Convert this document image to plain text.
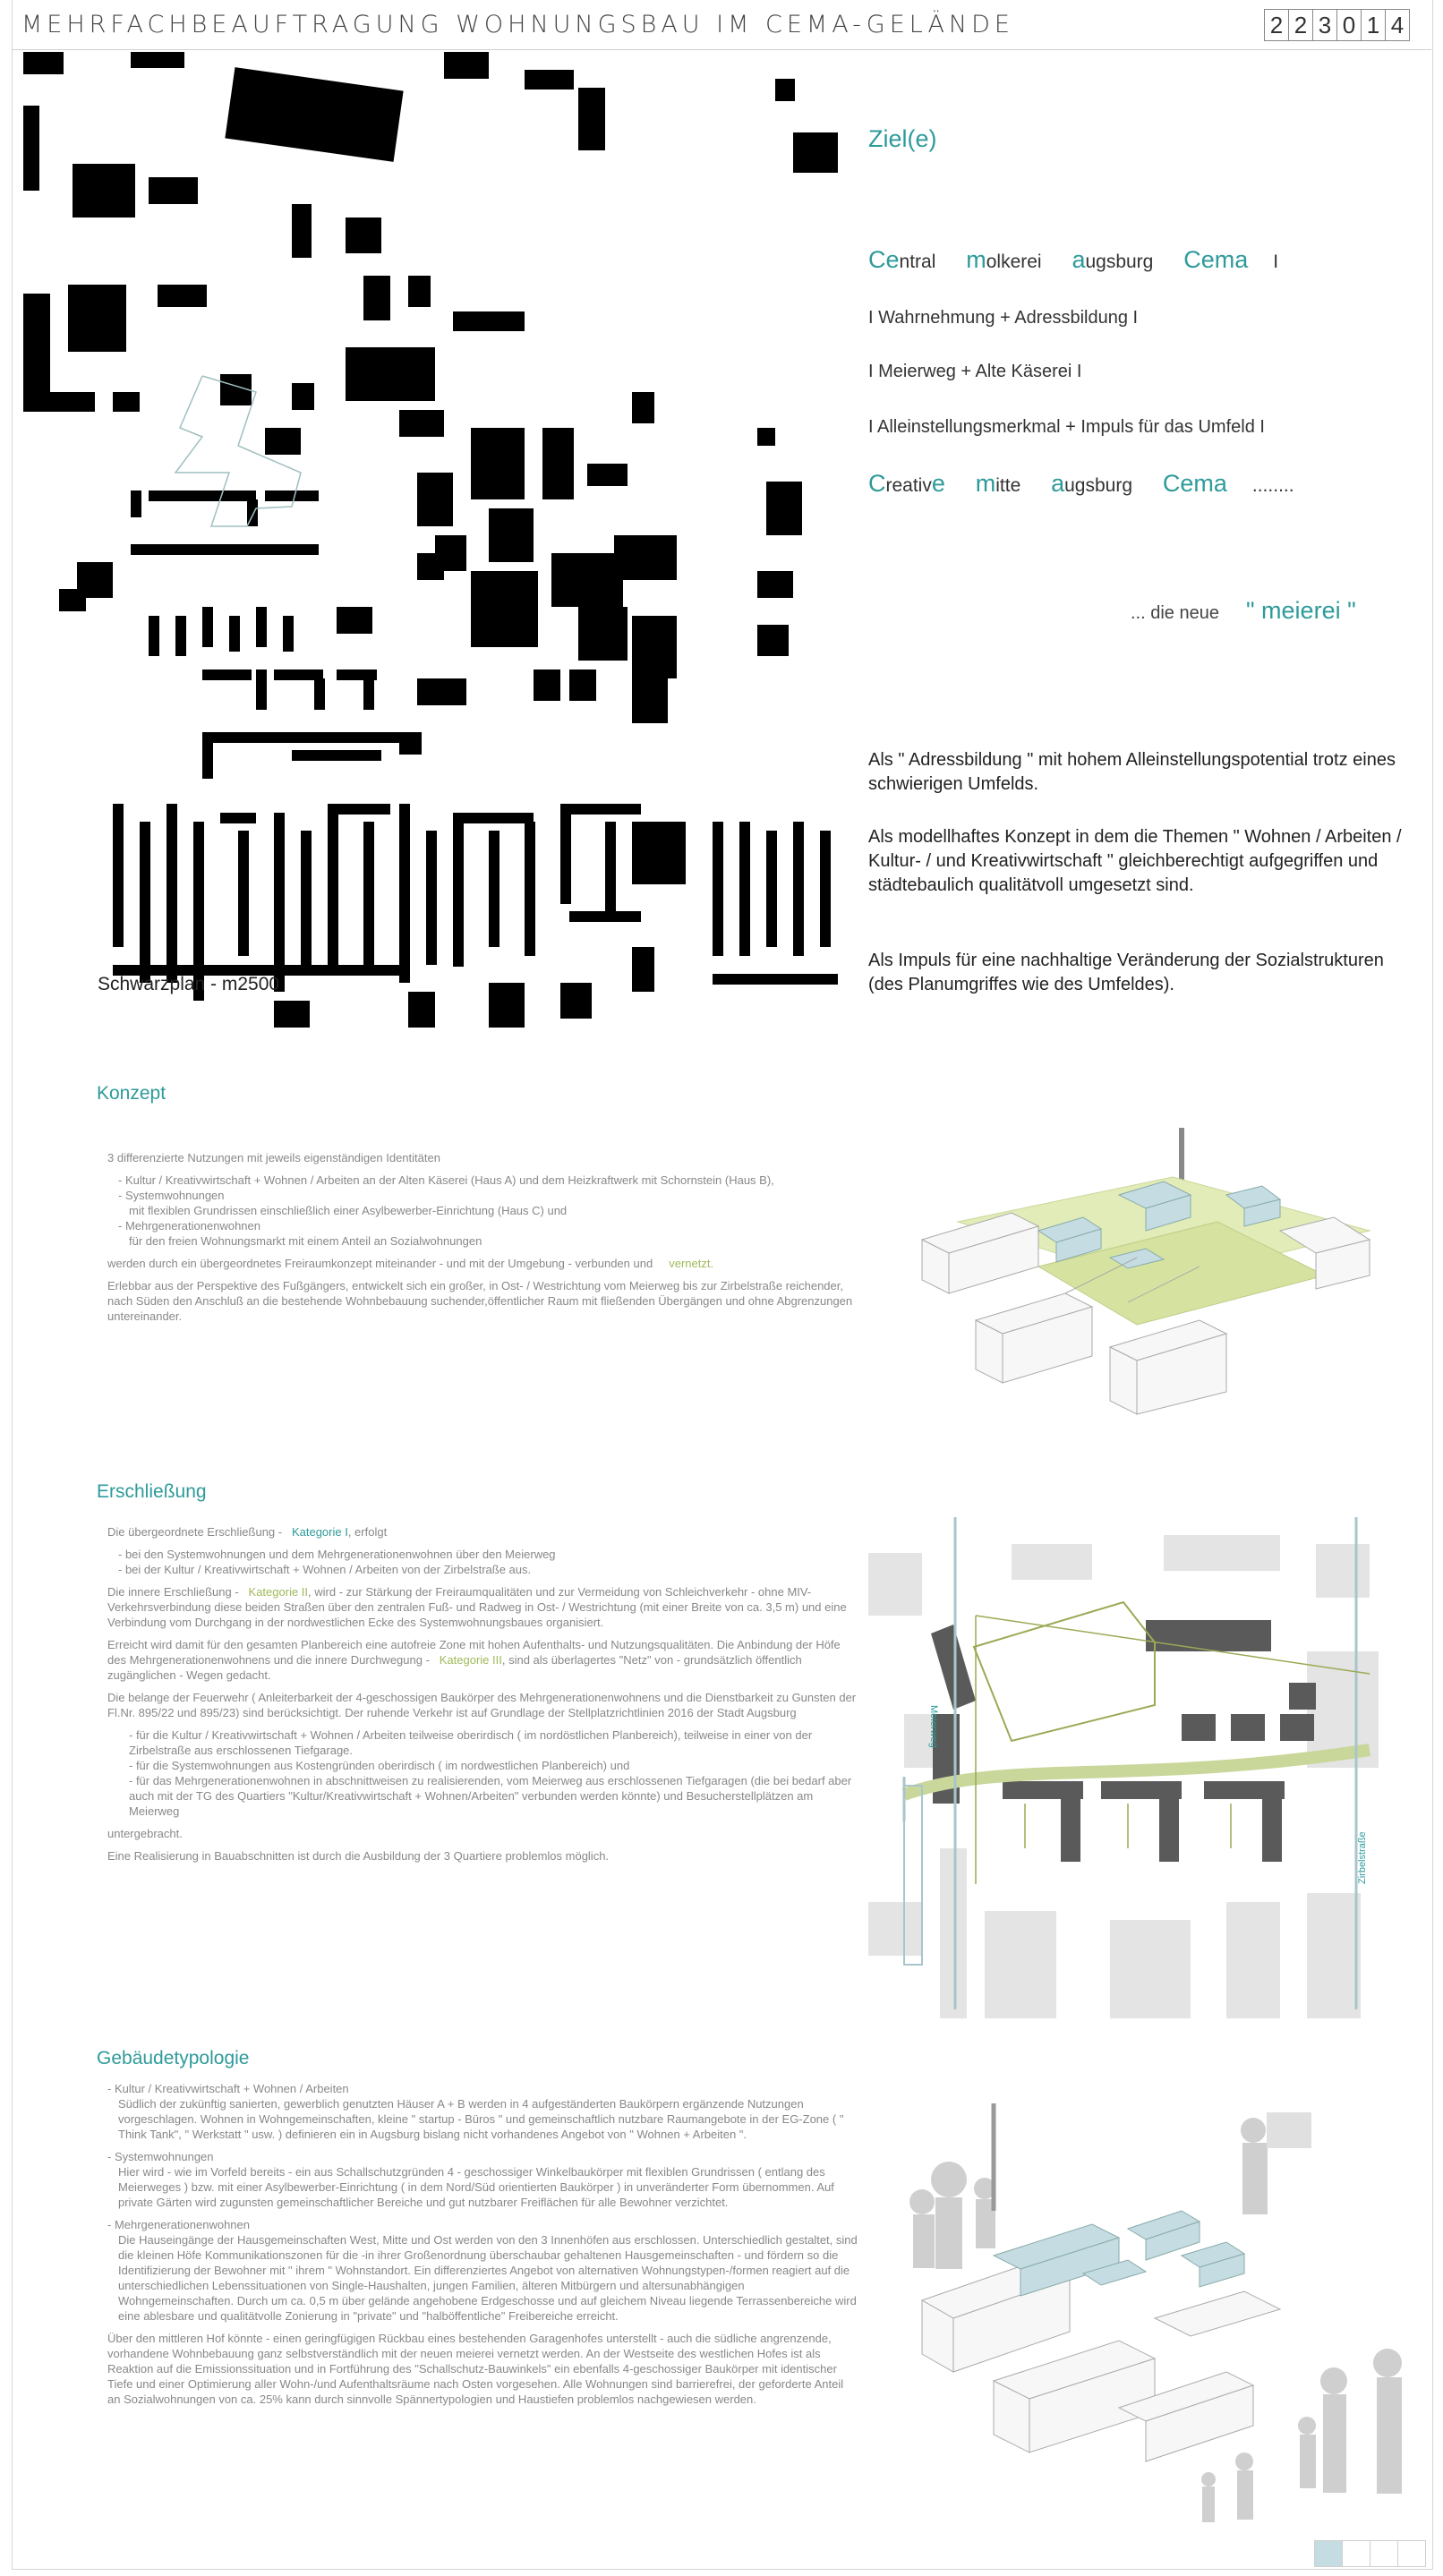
MEHRFACHBEAUFTRAGUNG WOHNUNGSBAU IM CEMA-GELÄNDE	2 2 3 0 1 4
Schwarzplan - m2500
Ziel(e)
Central molkerei augsburg Cema I
I Wahrnehmung + Adressbildung I
I Meierweg + Alte Käserei I
I Alleinstellungsmerkmal + Impuls für das Umfeld I
Creative mitte augsburg Cema ........
... die neue " meierei "
Als " Adressbildung " mit hohem Alleinstellungspotential trotz eines schwierigen Umfelds.
Als modellhaftes Konzept in dem die Themen " Wohnen / Arbeiten / Kultur- / und Kreativwirtschaft " gleichberechtigt aufgegriffen und städtebaulich qualitätvoll umgesetzt sind.
Als Impuls für eine nachhaltige Veränderung der Sozialstrukturen (des Planumgriffes wie des Umfeldes).
Konzept

3 differenzierte Nutzungen mit jeweils eigenständigen Identitäten

- Kultur / Kreativwirtschaft + Wohnen / Arbeiten an der Alten Käserei (Haus A) und dem Heizkraftwerk mit Schornstein (Haus B),
- Systemwohnungen
mit flexiblen Grundrissen einschließlich einer Asylbewerber-Einrichtung (Haus C) und
- Mehrgenerationenwohnen

für den freien Wohnungsmarkt mit einem Anteil an Sozialwohnungen

werden durch ein übergeordnetes Freiraumkonzept miteinander - und mit der Umgebung - verbunden und vernetzt.

Erlebbar aus der Perspektive des Fußgängers, entwickelt sich ein großer, in Ost- / Westrichtung vom Meierweg bis zur Zirbelstraße reichender, nach Süden den Anschluß an die bestehende Wohnbebauung suchender,öffentlicher Raum mit fließenden Übergängen und ohne Abgrenzungen untereinander.

Erschließung

Die übergeordnete Erschließung - Kategorie I, erfolgt

- bei den Systemwohnungen und dem Mehrgenerationenwohnen über den Meierweg

- bei der Kultur / Kreativwirtschaft + Wohnen / Arbeiten von der Zirbelstraße aus.

Die innere Erschließung - Kategorie II, wird - zur Stärkung der Freiraumqualitäten und zur Vermeidung von Schleichverkehr - ohne MIV-Verkehrsverbindung diese beiden Straßen über den zentralen Fuß- und Radweg in Ost- / Westrichtung (mit einer Breite von ca. 3,5 m) und eine Verbindung vom Durchgang in der nordwestlichen Ecke des Systemwohnungsbaues organisiert.

Erreicht wird damit für den gesamten Planbereich eine autofreie Zone mit hohen Aufenthalts- und Nutzungsqualitäten. Die Anbindung der Höfe des Mehrgenerationenwohnens und die innere Durchwegung - Kategorie III, sind als überlagertes "Netz" von - grundsätzlich öffentlich zugänglichen - Wegen gedacht.

Die belange der Feuerwehr ( Anleiterbarkeit der 4-geschossigen Baukörper des Mehrgenerationenwohnens und die Dienstbarkeit zu Gunsten der Fl.Nr. 895/22 und 895/23) sind berücksichtigt. Der ruhende Verkehr ist auf Grundlage der Stellplatzrichtlinien 2016 der Stadt Augsburg

- für die Kultur / Kreativwirtschaft + Wohnen / Arbeiten teilweise oberirdisch ( im nordöstlichen Planbereich), teilweise in einer von der Zirbelstraße aus erschlossenen Tiefgarage.
- für die Systemwohnungen aus Kostengründen oberirdisch ( im nordwestlichen Planbereich) und

- für das Mehrgenerationenwohnen in abschnittweisen zu realisierenden, vom Meierweg aus erschlossenen Tiefgaragen (die bei bedarf aber auch mit der TG des Quartiers "Kultur/Kreativwirtschaft + Wohnen/Arbeiten" verbunden werden könnte) und Besucherstellplätzen am Meierweg

untergebracht.

Eine Realisierung in Bauabschnitten ist durch die Ausbildung der 3 Quartiere problemlos möglich.

Meierweg
Zirbelstraße
Gebäudetypologie
- Kultur / Kreativwirtschaft + Wohnen / Arbeiten

Südlich der zukünftig sanierten, gewerblich genutzten Häuser A + B werden in 4 aufgeständerten Baukörpern ergänzende Nutzungen vorgeschlagen. Wohnen in Wohngemeinschaften, kleine " startup - Büros " und gemeinschaftlich nutzbare Raumangebote in der EG-Zone ( " Think Tank", " Werkstatt " usw. ) definieren ein in Augsburg bislang nicht vorhandenes Angebot von " Wohnen + Arbeiten ".

- Systemwohnungen

Hier wird - wie im Vorfeld bereits - ein aus Schallschutzgründen 4 - geschossiger Winkelbaukörper mit flexiblen Grundrissen ( entlang des Meierweges ) bzw. mit einer Asylbewerber-Einrichtung ( in dem Nord/Süd orientierten Baukörper ) in unveränderter Form übernommen. Auf private Gärten wird zugunsten gemeinschaftlicher Bereiche und gut nutzbarer Freiflächen für alle Bewohner verzichtet.

- Mehrgenerationenwohnen

Die Hauseingänge der Hausgemeinschaften West, Mitte und Ost werden von den 3 Innenhöfen aus erschlossen. Unterschiedlich gestaltet, sind die kleinen Höfe Kommunikationszonen für die -in ihrer Großenordnung überschaubar gehaltenen Hausgemeinschaften - und fördern so die Identifizierung der Bewohner mit " ihrem " Wohnstandort. Ein differenziertes Angebot von alternativen Wohnungstypen-/formen reagiert auf die unterschiedlichen Lebenssituationen von Single-Haushalten, jungen Familien, älteren Mitbürgern und altersunabhängigen Wohngemeinschaften. Durch um ca. 0,5 m über gelände angehobene Erdgeschosse und auf gleichem Niveau liegende Terrassenbereiche wird eine ablesbare und qualitätvolle Zonierung in "private" und "halböffentliche" Freibereiche erreicht.

Über den mittleren Hof könnte - einen geringfügigen Rückbau eines bestehenden Garagenhofes unterstellt - auch die südliche angrenzende, vorhandene Wohnbebauung ganz selbstverständlich mit der neuen meierei vernetzt werden. An der Westseite des westlichen Hofes ist als Reaktion auf die Emissionssituation und in Fortführung des "Schallschutz-Bauwinkels" ein ebenfalls 4-geschossiger Baukörper mit identischer Tiefe und einer Optimierung aller Wohn-/und Aufenthaltsräume nach Osten vorgesehen. Alle Wohnungen sind barrierefrei, der geforderte Anteil an Sozialwohnungen von ca. 25% kann durch sinnvolle Spännertypologien und Haustiefen problemlos nachgewiesen werden.
